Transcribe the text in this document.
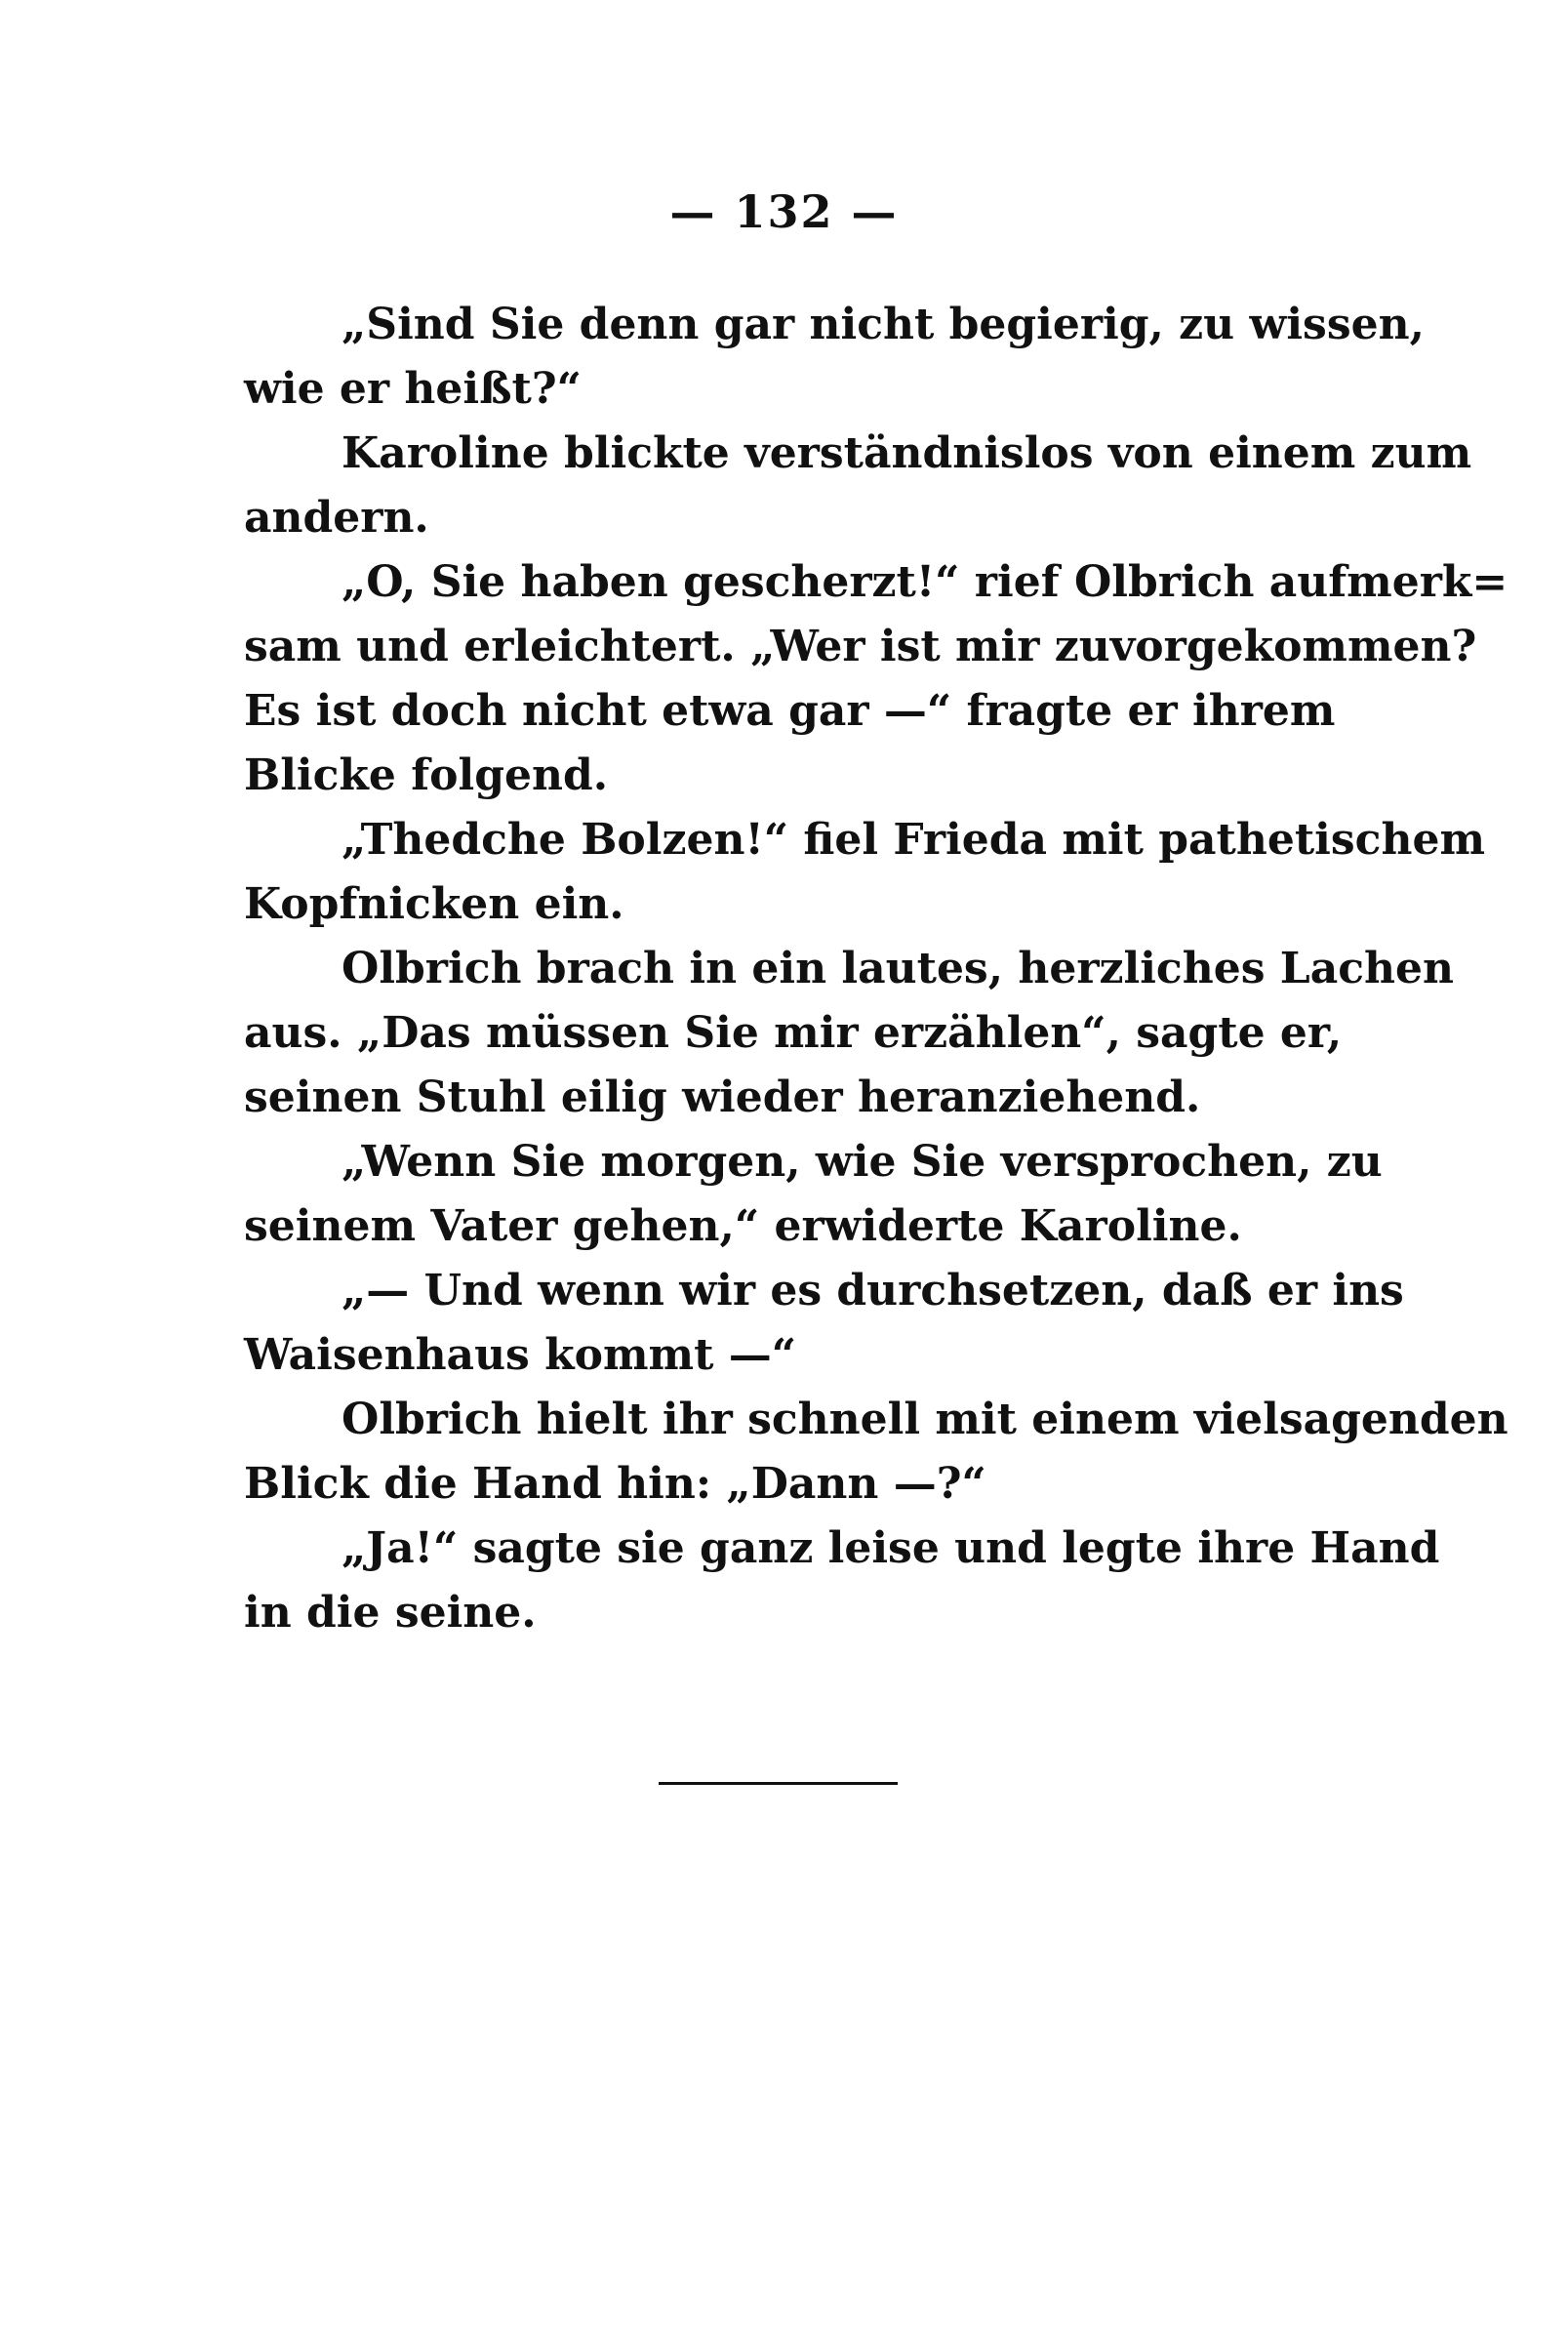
— 132 —
„Sind Sie denn gar nicht begierig, zu wissen,
wie er heißt?“
Karoline blickte verständnislos von einem zum
andern.
„O, Sie haben gescherzt!“ rief Olbrich aufmerk=
sam und erleichtert. „Wer ist mir zuvorgekommen?
Es ist doch nicht etwa gar —“ fragte er ihrem
Blicke folgend.
„Thedche Bolzen!“ fiel Frieda mit pathetischem
Kopfnicken ein.
Olbrich brach in ein lautes, herzliches Lachen
aus. „Das müssen Sie mir erzählen“, sagte er,
seinen Stuhl eilig wieder heranziehend.
„Wenn Sie morgen, wie Sie versprochen, zu
seinem Vater gehen,“ erwiderte Karoline.
„— Und wenn wir es durchsetzen, daß er ins
Waisenhaus kommt —“
Olbrich hielt ihr schnell mit einem vielsagenden
Blick die Hand hin: „Dann —?“
„Ja!“ sagte sie ganz leise und legte ihre Hand
in die seine.
